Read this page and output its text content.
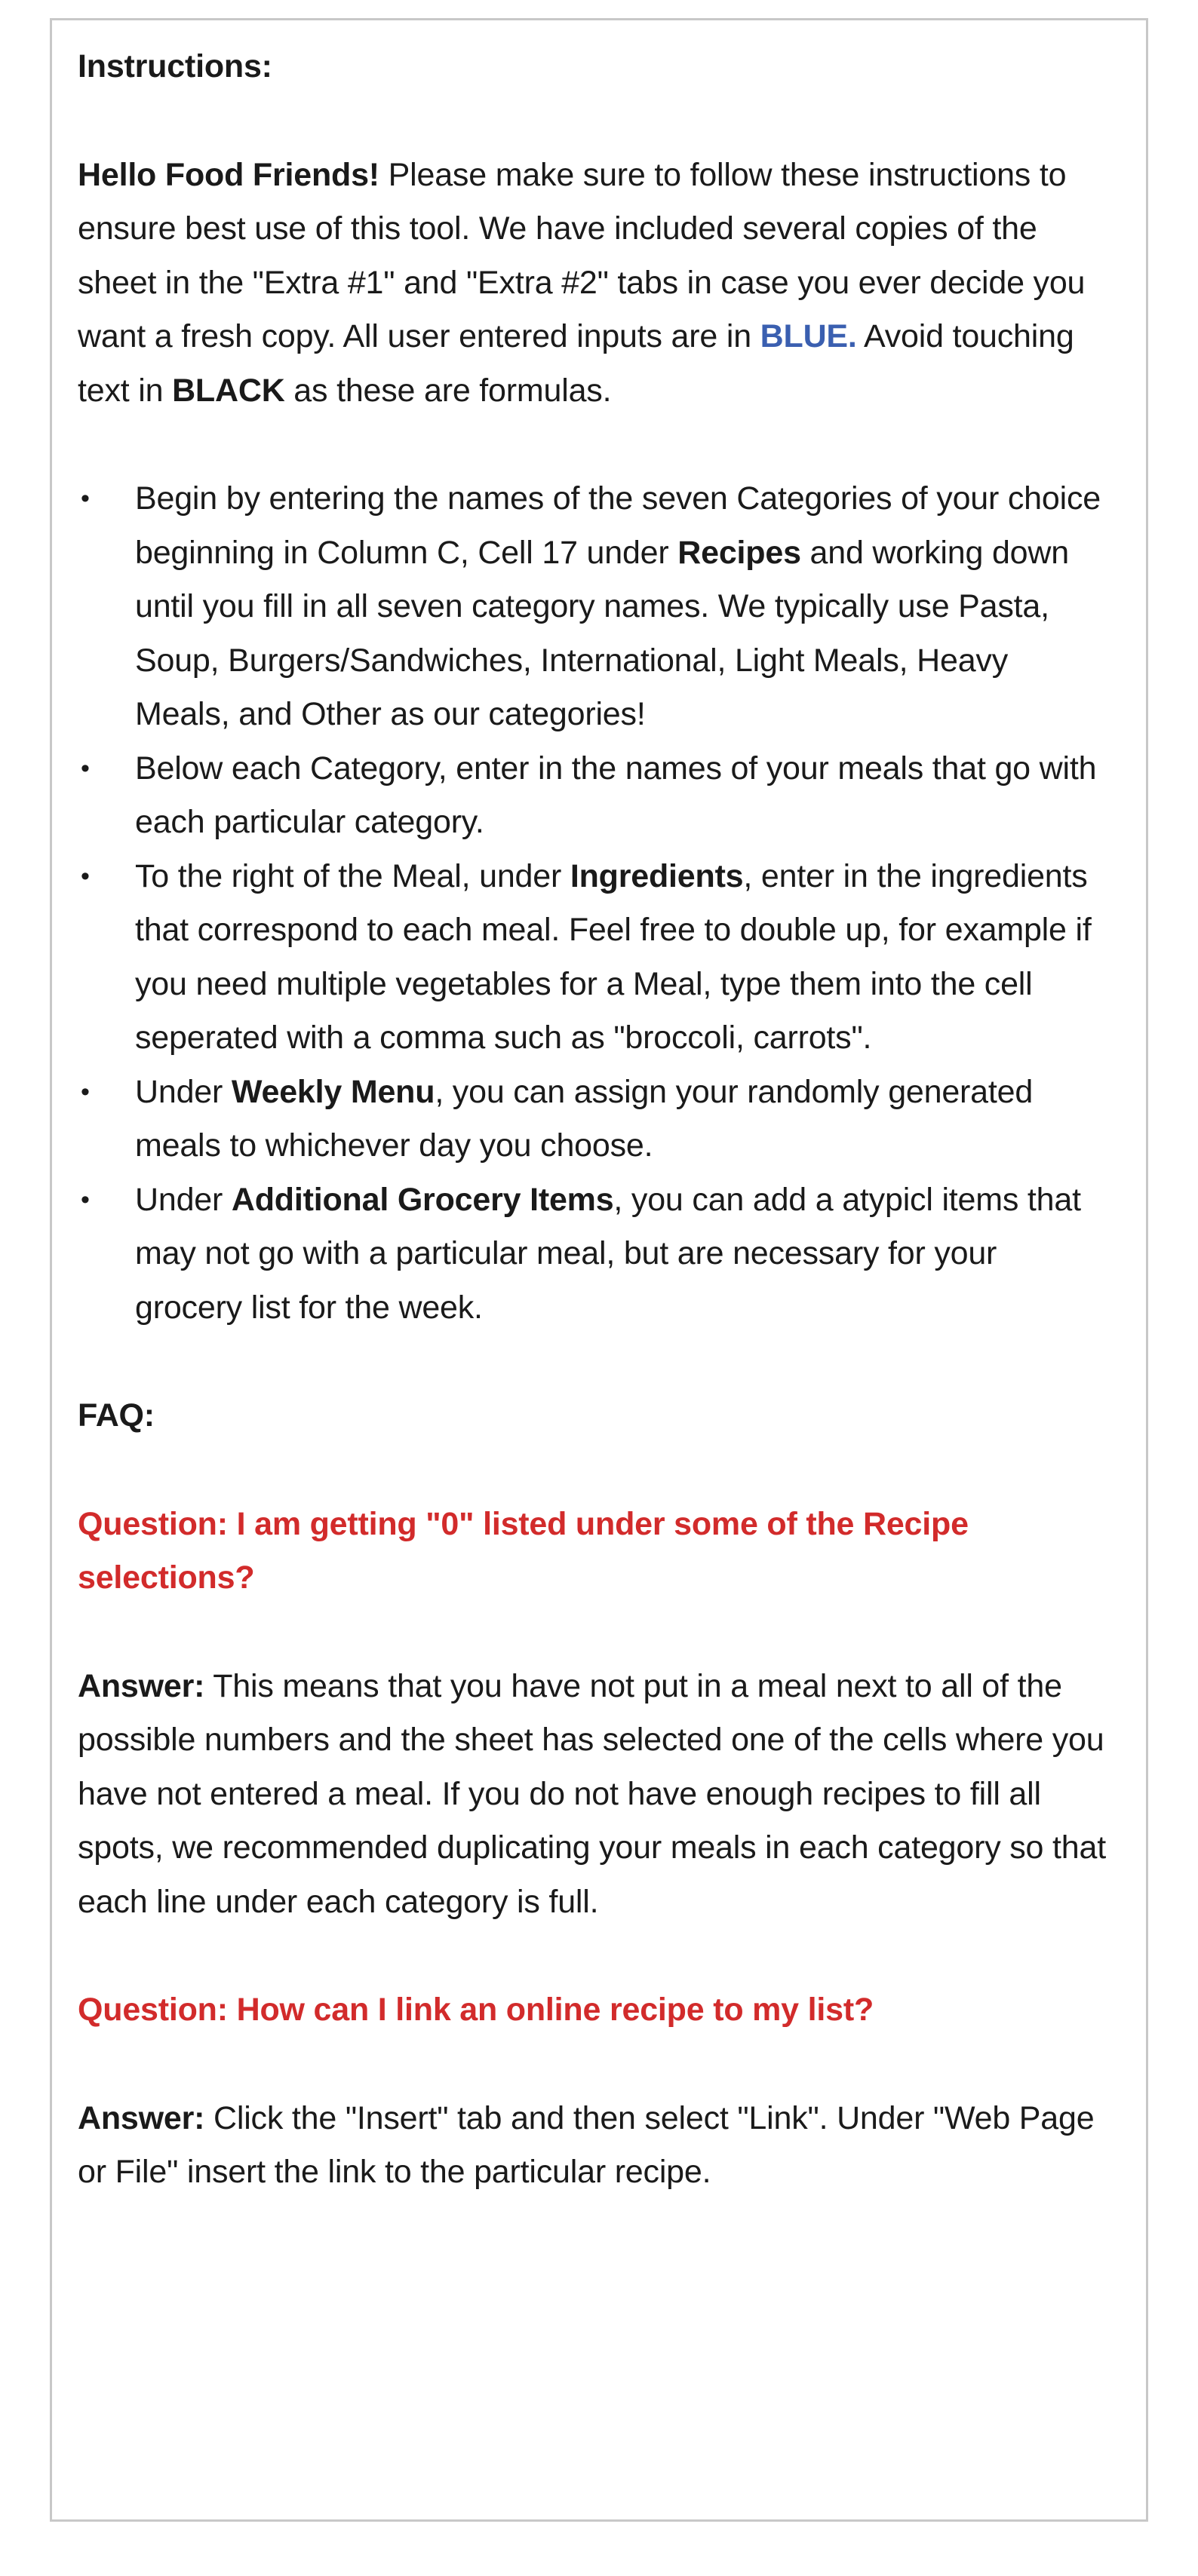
Instructions:

Hello Food Friends! Please make sure to follow these instructions to ensure best use of this tool. We have included several copies of the sheet in the "Extra #1" and "Extra #2" tabs in case you ever decide you want a fresh copy. All user entered inputs are in BLUE. Avoid touching text in BLACK as these are formulas.

• Begin by entering the names of the seven Categories of your choice beginning in Column C, Cell 17 under Recipes and working down until you fill in all seven category names. We typically use Pasta, Soup, Burgers/Sandwiches, International, Light Meals, Heavy Meals, and Other as our categories!
• Below each Category, enter in the names of your meals that go with each particular category.
• To the right of the Meal, under Ingredients, enter in the ingredients that correspond to each meal. Feel free to double up, for example if you need multiple vegetables for a Meal, type them into the cell seperated with a comma such as "broccoli, carrots".
• Under Weekly Menu, you can assign your randomly generated meals to whichever day you choose.
• Under Additional Grocery Items, you can add a atypicl items that may not go with a particular meal, but are necessary for your grocery list for the week.

FAQ:

Question: I am getting "0" listed under some of the Recipe selections?

Answer: This means that you have not put in a meal next to all of the possible numbers and the sheet has selected one of the cells where you have not entered a meal. If you do not have enough recipes to fill all spots, we recommended duplicating your meals in each category so that each line under each category is full.

Question: How can I link an online recipe to my list?

Answer: Click the "Insert" tab and then select "Link". Under "Web Page or File" insert the link to the particular recipe.
